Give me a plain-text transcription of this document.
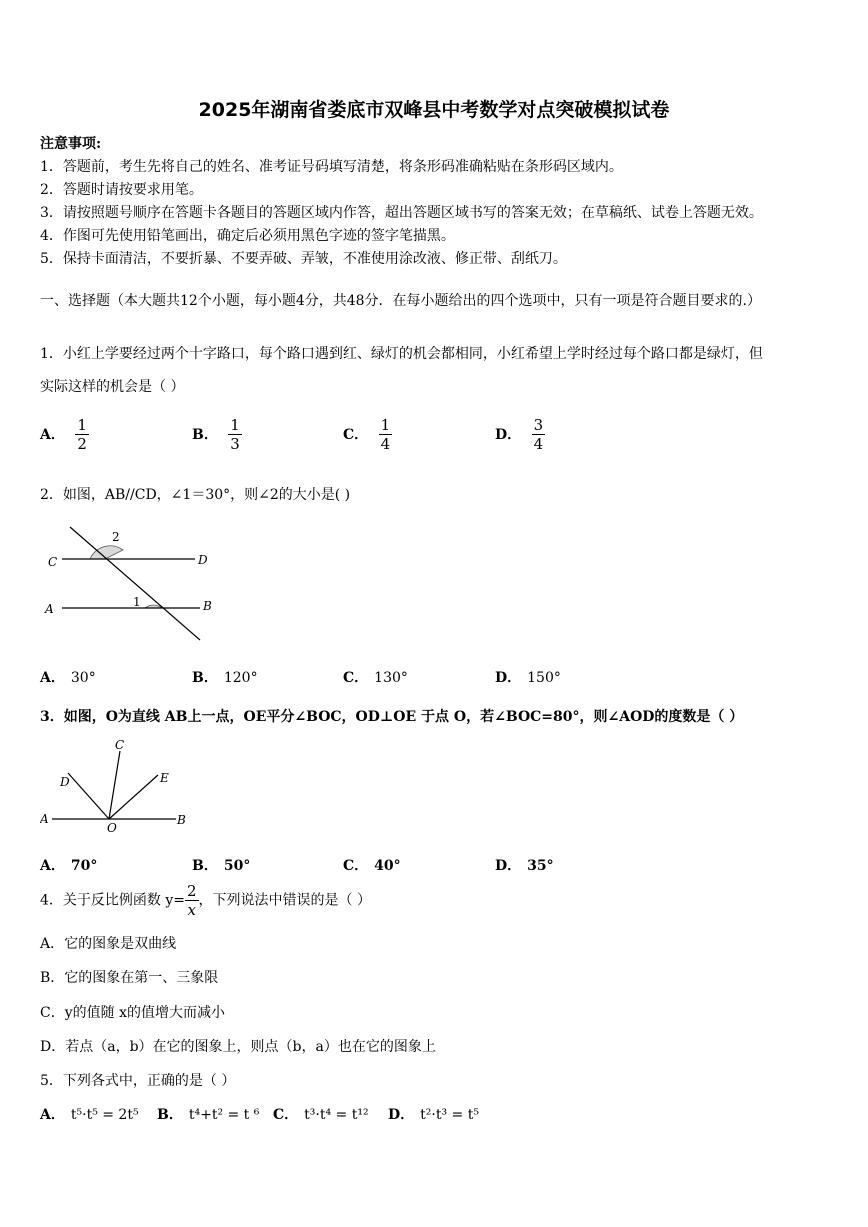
2025年湖南省娄底市双峰县中考数学对点突破模拟试卷
注意事项:
1．答题前，考生先将自己的姓名、准考证号码填写清楚，将条形码准确粘贴在条形码区域内。
2．答题时请按要求用笔。
3．请按照题号顺序在答题卡各题目的答题区域内作答，超出答题区域书写的答案无效；在草稿纸、试卷上答题无效。
4．作图可先使用铅笔画出，确定后必须用黑色字迹的签字笔描黑。
5．保持卡面清洁，不要折暴、不要弄破、弄皱，不准使用涂改液、修正带、刮纸刀。
一、选择题（本大题共12个小题，每小题4分，共48分．在每小题给出的四个选项中，只有一项是符合题目要求的.）
1．小红上学要经过两个十字路口，每个路口遇到红、绿灯的机会都相同，小红希望上学时经过每个路口都是绿灯，但
实际这样的机会是（ ）
A． $\frac{1}{2}$	B． $\frac{1}{3}$	C． $\frac{1}{4}$	D． $\frac{3}{4}$
2．如图，AB//CD，∠1＝30°，则∠2的大小是( )
C	D
A	B
1
2
A． 30°	B． 120°	C． 130°	D． 150°
3．如图，O为直线 AB上一点，OE平分∠BOC，OD⊥OE 于点 O，若∠BOC=80°，则∠AOD的度数是（ ）
A	B
C
D	E
O
A． 70°	B． 50°	C． 40°	D． 35°
4．关于反比例函数 $y= \frac{2}{x}$ ，下列说法中错误的是（ ）
A．它的图象是双曲线
B．它的图象在第一、三象限
C．y的值随 x的值增大而减小
D．若点（a，b）在它的图象上，则点（b，a）也在它的图象上
5．下列各式中，正确的是（ ）
A． t⁵·t⁵ = 2t⁵ B． t⁴+t² = t ⁶ C． t³·t⁴ = t¹² D． t²·t³ = t⁵
